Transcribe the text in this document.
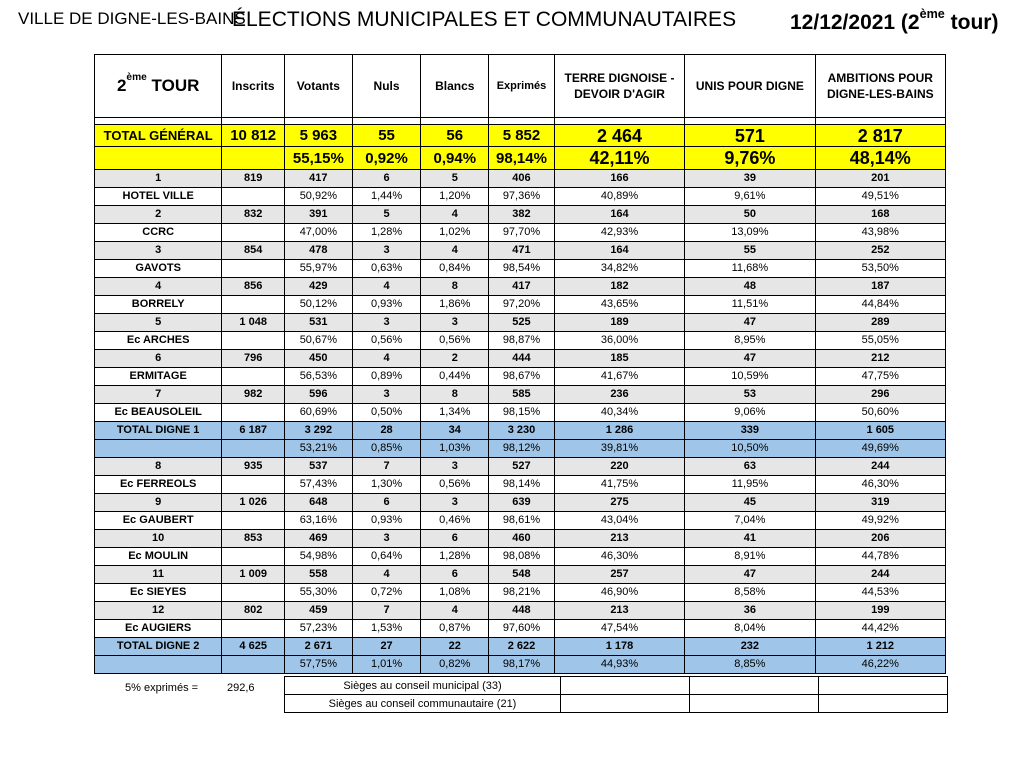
VILLE DE DIGNE-LES-BAINS
ÉLECTIONS MUNICIPALES ET COMMUNAUTAIRES	12/12/2021 (2ème tour)
2ème TOUR	Inscrits	Votants	Nuls	Blancs	Exprimés	TERRE DIGNOISE - DEVOIR D'AGIR	UNIS POUR DIGNE	AMBITIONS POUR DIGNE-LES-BAINS

TOTAL GÉNÉRAL	10 812	5 963	55	56	5 852	2 464	571	2 817
		55,15%	0,92%	0,94%	98,14%	42,11%	9,76%	48,14%
1	819	417	6	5	406	166	39	201
HOTEL VILLE		50,92%	1,44%	1,20%	97,36%	40,89%	9,61%	49,51%
2	832	391	5	4	382	164	50	168
CCRC		47,00%	1,28%	1,02%	97,70%	42,93%	13,09%	43,98%
3	854	478	3	4	471	164	55	252
GAVOTS		55,97%	0,63%	0,84%	98,54%	34,82%	11,68%	53,50%
4	856	429	4	8	417	182	48	187
BORRELY		50,12%	0,93%	1,86%	97,20%	43,65%	11,51%	44,84%
5	1 048	531	3	3	525	189	47	289
Ec ARCHES		50,67%	0,56%	0,56%	98,87%	36,00%	8,95%	55,05%
6	796	450	4	2	444	185	47	212
ERMITAGE		56,53%	0,89%	0,44%	98,67%	41,67%	10,59%	47,75%
7	982	596	3	8	585	236	53	296
Ec BEAUSOLEIL		60,69%	0,50%	1,34%	98,15%	40,34%	9,06%	50,60%
TOTAL DIGNE 1	6 187	3 292	28	34	3 230	1 286	339	1 605
		53,21%	0,85%	1,03%	98,12%	39,81%	10,50%	49,69%
8	935	537	7	3	527	220	63	244
Ec FERREOLS		57,43%	1,30%	0,56%	98,14%	41,75%	11,95%	46,30%
9	1 026	648	6	3	639	275	45	319
Ec GAUBERT		63,16%	0,93%	0,46%	98,61%	43,04%	7,04%	49,92%
10	853	469	3	6	460	213	41	206
Ec MOULIN		54,98%	0,64%	1,28%	98,08%	46,30%	8,91%	44,78%
11	1 009	558	4	6	548	257	47	244
Ec SIEYES		55,30%	0,72%	1,08%	98,21%	46,90%	8,58%	44,53%
12	802	459	7	4	448	213	36	199
Ec AUGIERS		57,23%	1,53%	0,87%	97,60%	47,54%	8,04%	44,42%
TOTAL DIGNE 2	4 625	2 671	27	22	2 622	1 178	232	1 212
		57,75%	1,01%	0,82%	98,17%	44,93%	8,85%	46,22%
5% exprimés =	292,6	Sièges au conseil municipal (33)			
Sièges au conseil communautaire (21)			
